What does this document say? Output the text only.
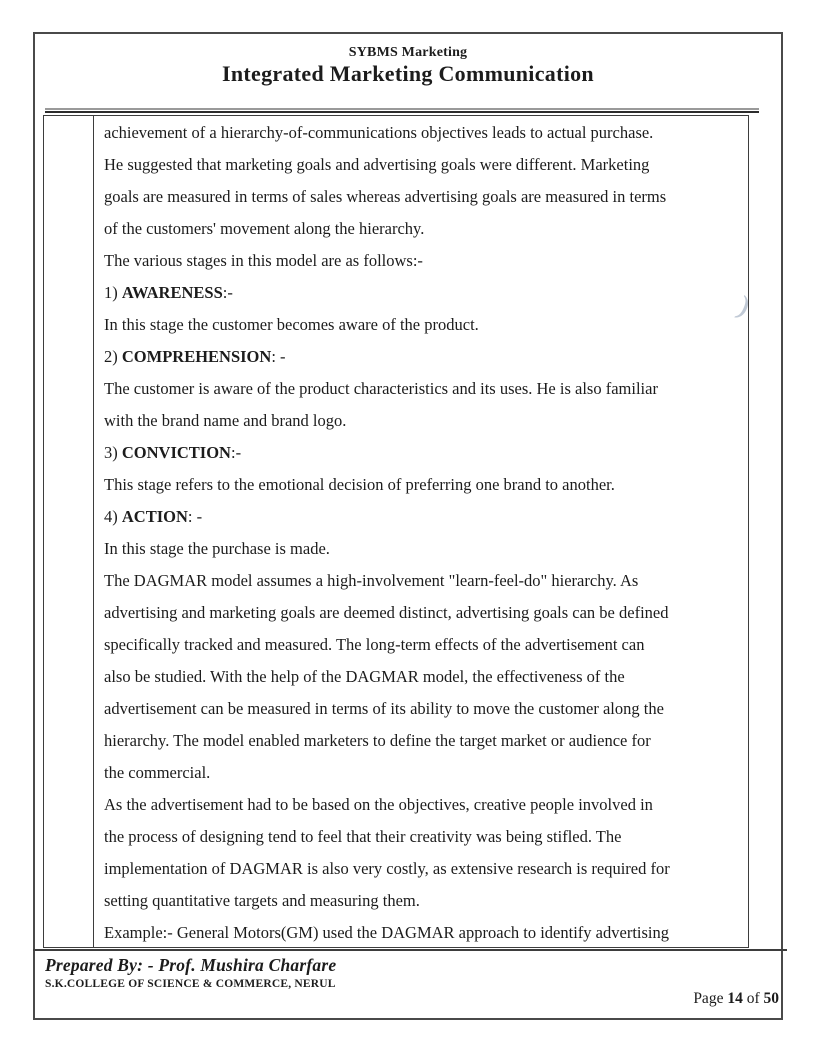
SYBMS Marketing
Integrated Marketing Communication
achievement of a hierarchy-of-communications objectives leads to actual purchase.
He suggested that marketing goals and advertising goals were different. Marketing
goals are measured in terms of sales whereas advertising goals are measured in terms
of the customers' movement along the hierarchy.
The various stages in this model are as follows:-
1) AWARENESS:-
In this stage the customer becomes aware of the product.
2) COMPREHENSION: -
The customer is aware of the product characteristics and its uses. He is also familiar
with the brand name and brand logo.
3) CONVICTION:-
This stage refers to the emotional decision of preferring one brand to another.
4) ACTION: -
In this stage the purchase is made.
The DAGMAR model assumes a high-involvement "learn-feel-do" hierarchy. As
advertising and marketing goals are deemed distinct, advertising goals can be defined
specifically tracked and measured. The long-term effects of the advertisement can
also be studied. With the help of the DAGMAR model, the effectiveness of the
advertisement can be measured in terms of its ability to move the customer along the
hierarchy. The model enabled marketers to define the target market or audience for
the commercial.
As the advertisement had to be based on the objectives, creative people involved in
the process of designing tend to feel that their creativity was being stifled. The
implementation of DAGMAR is also very costly, as extensive research is required for
setting quantitative targets and measuring them.
Example:- General Motors(GM) used the DAGMAR approach to identify advertising
)
Prepared By: - Prof. Mushira Charfare
S.K.COLLEGE OF SCIENCE & COMMERCE, NERUL
Page 14 of 50
